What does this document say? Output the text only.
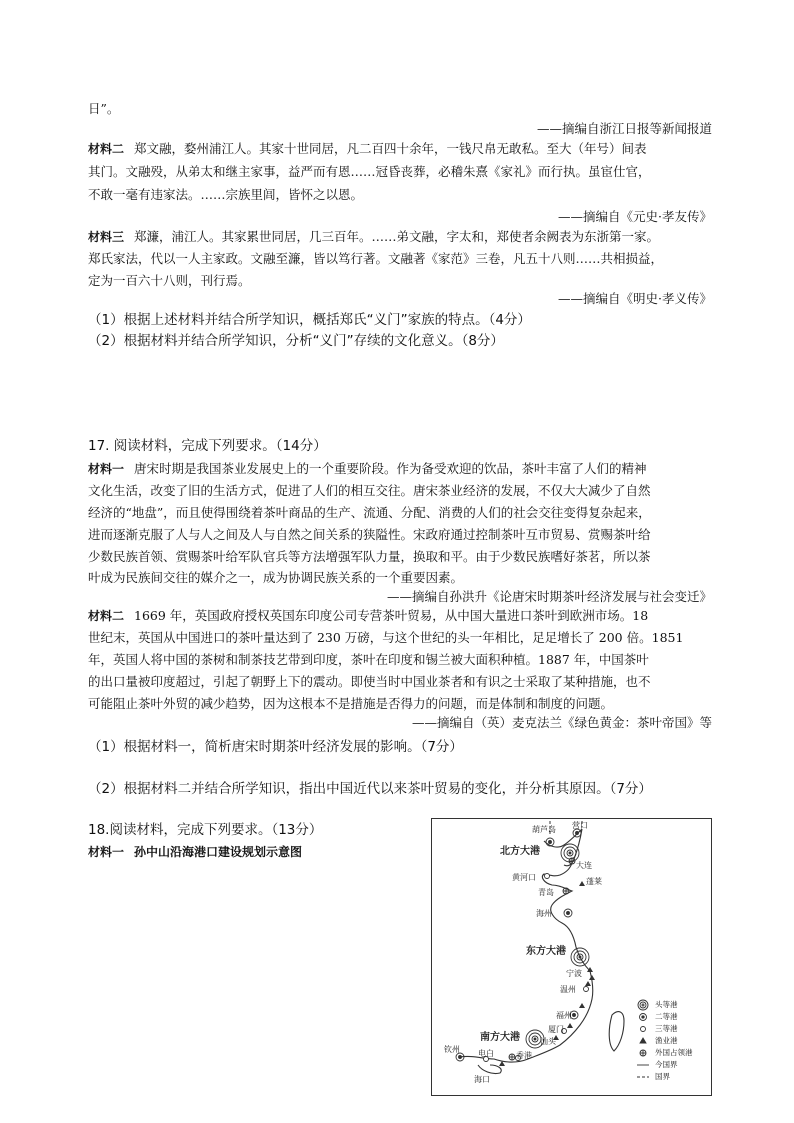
日”。
——摘编自浙江日报等新闻报道
材料二 郑文融，婺州浦江人。其家十世同居，凡二百四十余年，一钱尺帛无敢私。至大（年号）间表
其门。文融殁，从弟太和继主家事，益严而有恩……冠昏丧葬，必稽朱熹《家礼》而行执。虽宦仕官，
不敢一毫有违家法。……宗族里闾，皆怀之以恩。
——摘编自《元史·孝友传》
材料三 郑濂，浦江人。其家累世同居，几三百年。……弟文融，字太和，郑使者余阙表为东浙第一家。
郑氏家法，代以一人主家政。文融至濂，皆以笃行著。文融著《家范》三卷，凡五十八则……共相损益，
定为一百六十八则，刊行焉。
——摘编自《明史·孝义传》
（1）根据上述材料并结合所学知识，概括郑氏“义门”家族的特点。（4分）
（2）根据材料并结合所学知识，分析“义门”存续的文化意义。（8分）
17. 阅读材料，完成下列要求。（14分）
材料一 唐宋时期是我国茶业发展史上的一个重要阶段。作为备受欢迎的饮品，茶叶丰富了人们的精神
文化生活，改变了旧的生活方式，促进了人们的相互交往。唐宋茶业经济的发展，不仅大大减少了自然
经济的“地盘”，而且使得围绕着茶叶商品的生产、流通、分配、消费的人们的社会交往变得复杂起来，
进而逐渐克服了人与人之间及人与自然之间关系的狭隘性。宋政府通过控制茶叶互市贸易、赏赐茶叶给
少数民族首领、赏赐茶叶给军队官兵等方法增强军队力量，换取和平。由于少数民族嗜好茶茗，所以茶
叶成为民族间交往的媒介之一，成为协调民族关系的一个重要因素。
——摘编自孙洪升《论唐宋时期茶叶经济发展与社会变迁》
材料二 1669 年，英国政府授权英国东印度公司专营茶叶贸易，从中国大量进口茶叶到欧洲市场。18
世纪末，英国从中国进口的茶叶量达到了 230 万磅，与这个世纪的头一年相比，足足增长了 200 倍。1851
年，英国人将中国的茶树和制茶技艺带到印度，茶叶在印度和锡兰被大面积种植。1887 年，中国茶叶
的出口量被印度超过，引起了朝野上下的震动。即使当时中国业茶者和有识之士采取了某种措施，也不
可能阻止茶叶外贸的减少趋势，因为这根本不是措施是否得力的问题，而是体制和制度的问题。
——摘编自（英）麦克法兰《绿色黄金：茶叶帝国》等
（1）根据材料一，简析唐宋时期茶叶经济发展的影响。（7分）
（2）根据材料二并结合所学知识，指出中国近代以来茶叶贸易的变化，并分析其原因。（7分）
18.阅读材料，完成下列要求。（13分）
材料一 孙中山沿海港口建设规划示意图
葫芦岛 营口
北方大港
大连
黄河口	蓬莱
青岛
海州
东方大港
宁波
温州
福州
厦门
南方大港	汕头
钦州 电白	香港
海口
头等港
二等港
三等港
渔业港
外国占领港
今国界
国界
